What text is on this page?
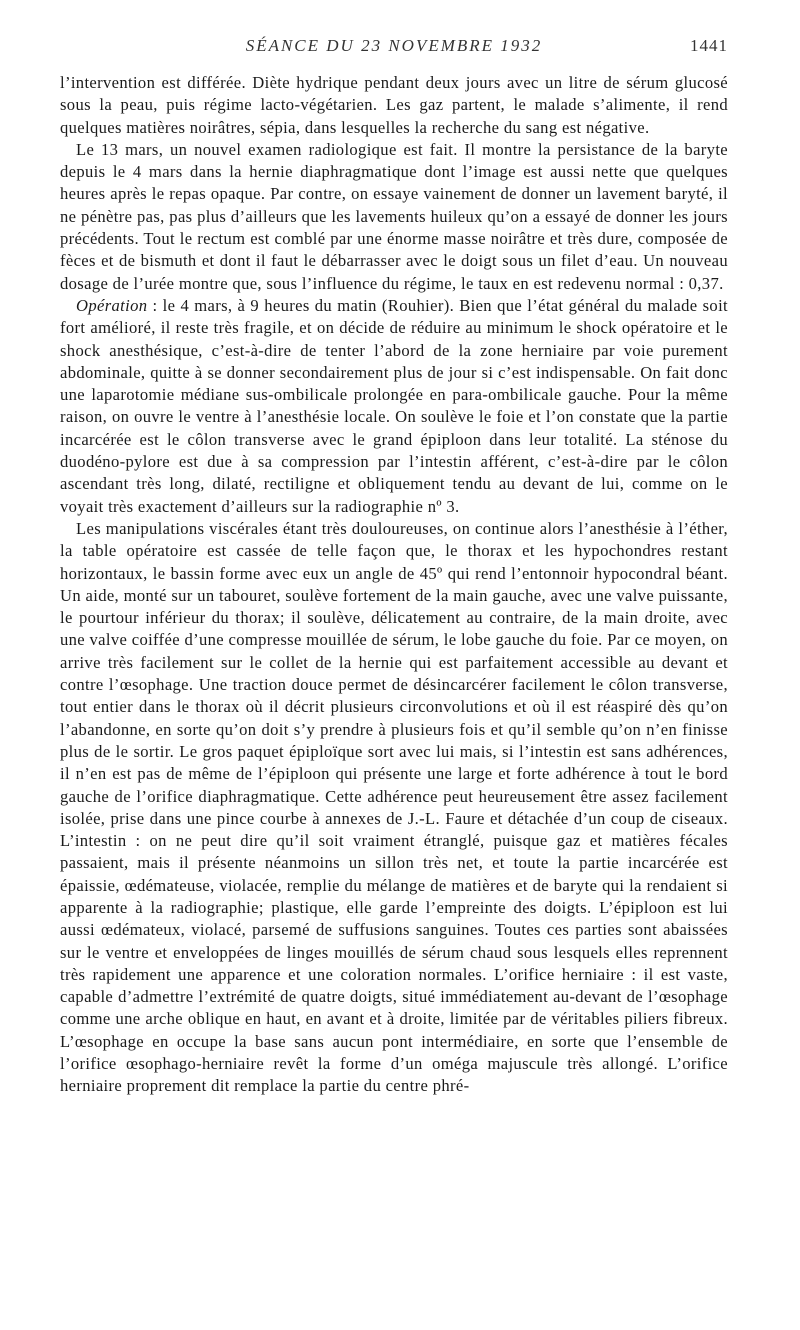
SÉANCE DU 23 NOVEMBRE 1932	1441

l’intervention est différée. Diète hydrique pendant deux jours avec un litre de sérum glucosé sous la peau, puis régime lacto-végétarien. Les gaz partent, le malade s’alimente, il rend quelques matières noirâtres, sépia, dans lesquelles la recherche du sang est négative.

Le 13 mars, un nouvel examen radiologique est fait. Il montre la persistance de la baryte depuis le 4 mars dans la hernie diaphragmatique dont l’image est aussi nette que quelques heures après le repas opaque. Par contre, on essaye vainement de donner un lavement baryté, il ne pénètre pas, pas plus d’ailleurs que les lavements huileux qu’on a essayé de donner les jours précédents. Tout le rectum est comblé par une énorme masse noirâtre et très dure, composée de fèces et de bismuth et dont il faut le débarrasser avec le doigt sous un filet d’eau. Un nouveau dosage de l’urée montre que, sous l’influence du régime, le taux en est redevenu normal : 0,37.

Opération : le 4 mars, à 9 heures du matin (Rouhier). Bien que l’état général du malade soit fort amélioré, il reste très fragile, et on décide de réduire au minimum le shock opératoire et le shock anesthésique, c’est-à-dire de tenter l’abord de la zone herniaire par voie purement abdominale, quitte à se donner secondairement plus de jour si c’est indispensable. On fait donc une laparotomie médiane sus-ombilicale prolongée en para-ombilicale gauche. Pour la même raison, on ouvre le ventre à l’anesthésie locale. On soulève le foie et l’on constate que la partie incarcérée est le côlon transverse avec le grand épiploon dans leur totalité. La sténose du duodéno-pylore est due à sa compression par l’intestin afférent, c’est-à-dire par le côlon ascendant très long, dilaté, rectiligne et obliquement tendu au devant de lui, comme on le voyait très exactement d’ailleurs sur la radiographie nº 3.

Les manipulations viscérales étant très douloureuses, on continue alors l’anesthésie à l’éther, la table opératoire est cassée de telle façon que, le thorax et les hypochondres restant horizontaux, le bassin forme avec eux un angle de 45º qui rend l’entonnoir hypocondral béant. Un aide, monté sur un tabouret, soulève fortement de la main gauche, avec une valve puissante, le pourtour inférieur du thorax; il soulève, délicatement au contraire, de la main droite, avec une valve coiffée d’une compresse mouillée de sérum, le lobe gauche du foie. Par ce moyen, on arrive très facilement sur le collet de la hernie qui est parfaitement accessible au devant et contre l’œsophage. Une traction douce permet de désincarcérer facilement le côlon transverse, tout entier dans le thorax où il décrit plusieurs circonvolutions et où il est réaspiré dès qu’on l’abandonne, en sorte qu’on doit s’y prendre à plusieurs fois et qu’il semble qu’on n’en finisse plus de le sortir. Le gros paquet épiploïque sort avec lui mais, si l’intestin est sans adhérences, il n’en est pas de même de l’épiploon qui présente une large et forte adhérence à tout le bord gauche de l’orifice diaphragmatique. Cette adhérence peut heureusement être assez facilement isolée, prise dans une pince courbe à annexes de J.-L. Faure et détachée d’un coup de ciseaux. L’intestin : on ne peut dire qu’il soit vraiment étranglé, puisque gaz et matières fécales passaient, mais il présente néanmoins un sillon très net, et toute la partie incarcérée est épaissie, œdémateuse, violacée, remplie du mélange de matières et de baryte qui la rendaient si apparente à la radiographie; plastique, elle garde l’empreinte des doigts. L’épiploon est lui aussi œdémateux, violacé, parsemé de suffusions sanguines. Toutes ces parties sont abaissées sur le ventre et enveloppées de linges mouillés de sérum chaud sous lesquels elles reprennent très rapidement une apparence et une coloration normales. L’orifice herniaire : il est vaste, capable d’admettre l’extrémité de quatre doigts, situé immédiatement au-devant de l’œsophage comme une arche oblique en haut, en avant et à droite, limitée par de véritables piliers fibreux. L’œsophage en occupe la base sans aucun pont intermédiaire, en sorte que l’ensemble de l’orifice œsophago-herniaire revêt la forme d’un oméga majuscule très allongé. L’orifice herniaire proprement dit remplace la partie du centre phré-
